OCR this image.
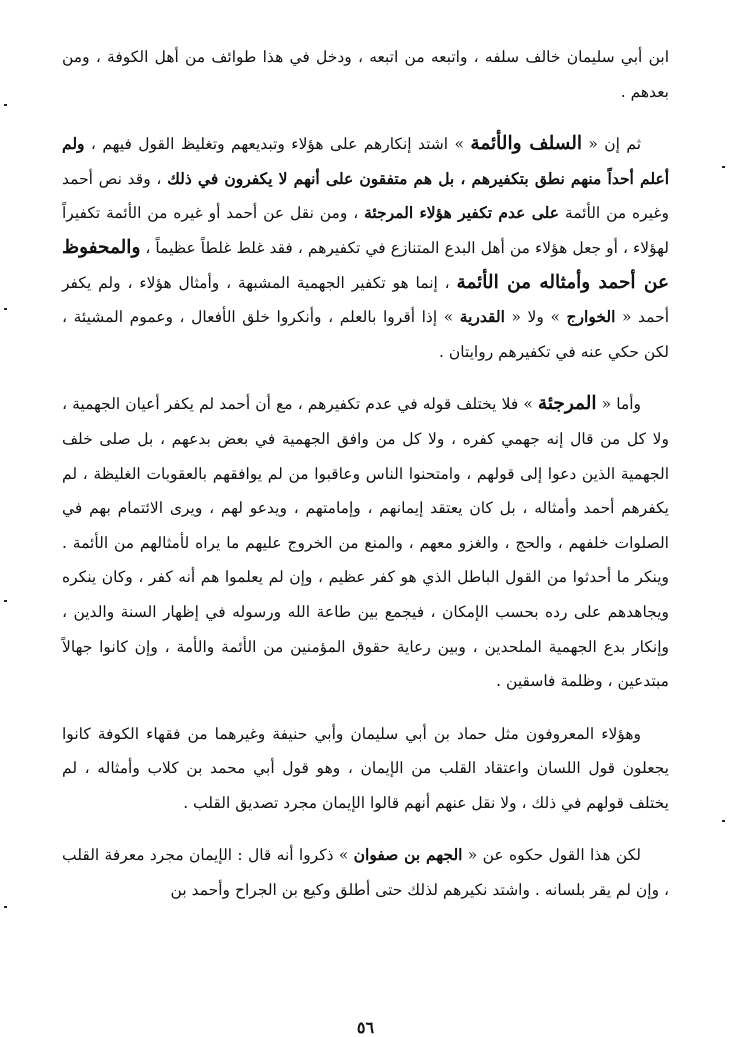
ابن أبي سليمان خالف سلفه ، واتبعه من اتبعه ، ودخل في هذا طوائف من أهل الكوفة ، ومن بعدهم .

ثم إن « السلف والأئمة » اشتد إنكارهم على هؤلاء وتبديعهم وتغليظ القول فيهم ، ولم أعلم أحداً منهم نطق بتكفيرهم ، بل هم متفقون على أنهم لا يكفرون في ذلك ، وقد نص أحمد وغيره من الأئمة على عدم تكفير هؤلاء المرجئة ، ومن نقل عن أحمد أو غيره من الأئمة تكفيراً لهؤلاء ، أو جعل هؤلاء من أهل البدع المتنازع في تكفيرهم ، فقد غلط غلطاً عظيماً ، والمحفوظ عن أحمد وأمثاله من الأئمة ، إنما هو تكفير الجهمية المشبهة ، وأمثال هؤلاء ، ولم يكفر أحمد « الخوارج » ولا « القدرية » إذا أقروا بالعلم ، وأنكروا خلق الأفعال ، وعموم المشيئة ، لكن حكي عنه في تكفيرهم روايتان .

وأما « المرجئة » فلا يختلف قوله في عدم تكفيرهم ، مع أن أحمد لم يكفر أعيان الجهمية ، ولا كل من قال إنه جهمي كفره ، ولا كل من وافق الجهمية في بعض بدعهم ، بل صلى خلف الجهمية الذين دعوا إلى قولهم ، وامتحنوا الناس وعاقبوا من لم يوافقهم بالعقوبات الغليظة ، لم يكفرهم أحمد وأمثاله ، بل كان يعتقد إيمانهم ، وإمامتهم ، ويدعو لهم ، ويرى الائتمام بهم في الصلوات خلفهم ، والحج ، والغزو معهم ، والمنع من الخروج عليهم ما يراه لأمثالهم من الأئمة . وينكر ما أحدثوا من القول الباطل الذي هو كفر عظيم ، وإن لم يعلموا هم أنه كفر ، وكان ينكره ويجاهدهم على رده بحسب الإمكان ، فيجمع بين طاعة الله ورسوله في إظهار السنة والدين ، وإنكار بدع الجهمية الملحدين ، وبين رعاية حقوق المؤمنين من الأئمة والأمة ، وإن كانوا جهالاً مبتدعين ، وظلمة فاسقين .

وهؤلاء المعروفون مثل حماد بن أبي سليمان وأبي حنيفة وغيرهما من فقهاء الكوفة كانوا يجعلون قول اللسان واعتقاد القلب من الإيمان ، وهو قول أبي محمد بن كلاب وأمثاله ، لم يختلف قولهم في ذلك ، ولا نقل عنهم أنهم قالوا الإيمان مجرد تصديق القلب .

لكن هذا القول حكوه عن « الجهم بن صفوان » ذكروا أنه قال : الإيمان مجرد معرفة القلب ، وإن لم يقر بلسانه . واشتد نكيرهم لذلك حتى أطلق وكيع بن الجراح وأحمد بن

٥٦
